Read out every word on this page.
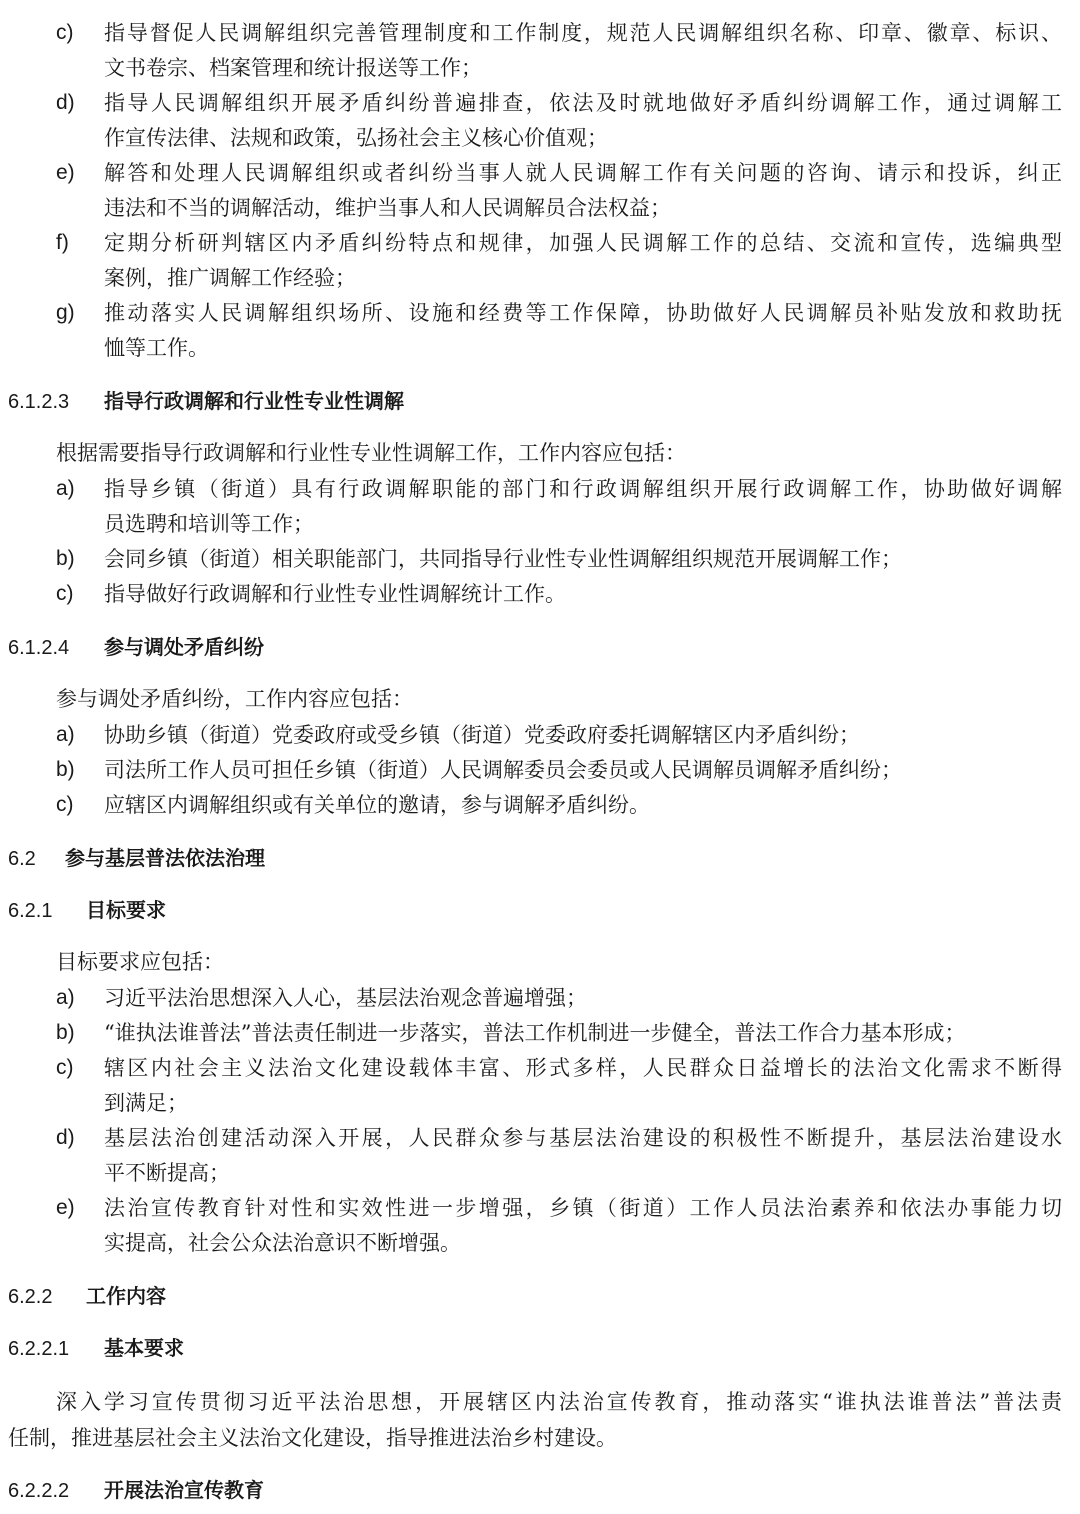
c)	指导督促人民调解组织完善管理制度和工作制度，规范人民调解组织名称、印章、徽章、标识、
文书卷宗、档案管理和统计报送等工作；
d)	指导人民调解组织开展矛盾纠纷普遍排查，依法及时就地做好矛盾纠纷调解工作，通过调解工
作宣传法律、法规和政策，弘扬社会主义核心价值观；
e)	解答和处理人民调解组织或者纠纷当事人就人民调解工作有关问题的咨询、请示和投诉，纠正
违法和不当的调解活动，维护当事人和人民调解员合法权益；
f)	定期分析研判辖区内矛盾纠纷特点和规律，加强人民调解工作的总结、交流和宣传，选编典型
案例，推广调解工作经验；
g)	推动落实人民调解组织场所、设施和经费等工作保障，协助做好人民调解员补贴发放和救助抚
恤等工作。
6.1.2.3 指导行政调解和行业性专业性调解
根据需要指导行政调解和行业性专业性调解工作，工作内容应包括：
a)	指导乡镇（街道）具有行政调解职能的部门和行政调解组织开展行政调解工作，协助做好调解
员选聘和培训等工作；
b)	会同乡镇（街道）相关职能部门，共同指导行业性专业性调解组织规范开展调解工作；
c)	指导做好行政调解和行业性专业性调解统计工作。
6.1.2.4 参与调处矛盾纠纷
参与调处矛盾纠纷，工作内容应包括：
a)	协助乡镇（街道）党委政府或受乡镇（街道）党委政府委托调解辖区内矛盾纠纷；
b)	司法所工作人员可担任乡镇（街道）人民调解委员会委员或人民调解员调解矛盾纠纷；
c)	应辖区内调解组织或有关单位的邀请，参与调解矛盾纠纷。
6.2 参与基层普法依法治理
6.2.1 目标要求
目标要求应包括：
a)	习近平法治思想深入人心，基层法治观念普遍增强；
b)	“谁执法谁普法”普法责任制进一步落实，普法工作机制进一步健全，普法工作合力基本形成；
c)	辖区内社会主义法治文化建设载体丰富、形式多样，人民群众日益增长的法治文化需求不断得
到满足；
d)	基层法治创建活动深入开展，人民群众参与基层法治建设的积极性不断提升，基层法治建设水
平不断提高；
e)	法治宣传教育针对性和实效性进一步增强，乡镇（街道）工作人员法治素养和依法办事能力切
实提高，社会公众法治意识不断增强。
6.2.2 工作内容
6.2.2.1 基本要求
深入学习宣传贯彻习近平法治思想，开展辖区内法治宣传教育，推动落实“谁执法谁普法”普法责
任制，推进基层社会主义法治文化建设，指导推进法治乡村建设。
6.2.2.2 开展法治宣传教育
